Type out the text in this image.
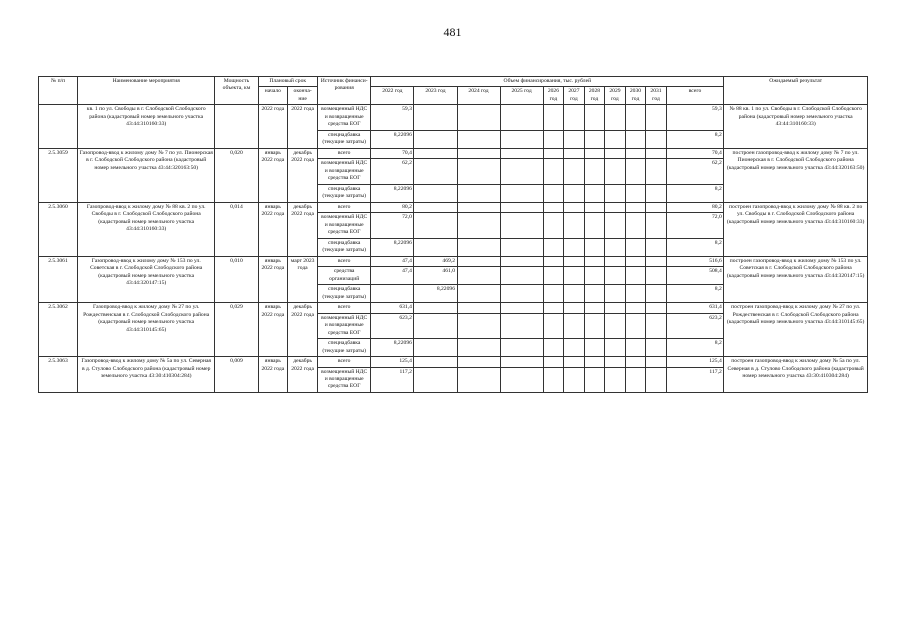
481
№ п/п	Наименование мероприятия	Мощность объекта, км	Плановый срок		Источник финанси-рования	Объем финансирования, тыс. рублей											Ожидаемый результат
			начало	оконча-ние		2022 год	2023 год	2024 год	2025 год	2026 год	2027 год	2028 год	2029 год	2030 год	2031 год	всего	
	кв. 1 по ул. Свободы в г. Слободской Слободского района (кадастровый номер земельного участка 43:44:310160:33)		2022 года	2022 года	возмещенный НДС и возвращенные средства ЕОГ	59,3										59,3	№ 88 кв. 1 по ул. Свободы в г. Слободской Слободского района (кадастровый номер земельного участка 43:44:310160:33)
					спецнадбавка (текущие затраты)	8,22096										8,2	
2.5.3059	Газопровод-ввод к жилому дому № 7 по ул. Пионерская в г. Слободской Слободского района (кадастровый номер земельного участка 43:44:320163:50)	0,020	январь 2022 года	декабрь 2022 года	всего	70,4										70,4	построен газопровод-ввод к жилому дому № 7 по ул. Пионерская в г. Слободской Слободского района (кадастровый номер земельного участка 43:44:320163:50)
					возмещенный НДС и возвращенные средства ЕОГ	62,2										62,2	
					спецнадбавка (текущие затраты)	8,22096										8,2	
2.5.3060	Газопровод-ввод к жилому дому № 88 кв. 2 по ул. Свободы в г. Слободской Слободского района (кадастровый номер земельного участка 43:44:310160:33)	0,014	январь 2022 года	декабрь 2022 года	всего	80,2										80,2	построен газопровод-ввод к жилому дому № 88 кв. 2 по ул. Свободы в г. Слободской Слободского района (кадастровый номер земельного участка 43:44:310160:33)
					возмещенный НДС и возвращенные средства ЕОГ	72,0										72,0	
					спецнадбавка (текущие затраты)	8,22096										8,2	
2.5.3061	Газопровод-ввод к жилому дому № 153 по ул. Советская в г. Слободской Слободского района (кадастровый номер земельного участка 43:44:320147:15)	0,010	январь 2022 года	март 2023 года	всего	47,4	469,2									516,6	построен газопровод-ввод к жилому дому № 153 по ул. Советская в г. Слободской Слободского района (кадастровый номер земельного участка 43:44:320147:15)
					средства организаций	47,4	461,0									508,4	
					спецнадбавка (текущие затраты)		8,22096									8,2	
2.5.3062	Газопровод-ввод к жилому дому № 27 по ул. Рождественская в г. Слободской Слободского района (кадастровый номер земельного участка 43:44:310145:65)	0,029	январь 2022 года	декабрь 2022 года	всего	631,4										631,4	построен газопровод-ввод к жилому дому № 27 по ул. Рождественская в г. Слободской Слободского района (кадастровый номер земельного участка 43:44:310145:65)
					возмещенный НДС и возвращенные средства ЕОГ	623,2										623,2	
					спецнадбавка (текущие затраты)	8,22096										8,2	
2.5.3063	Газопровод-ввод к жилому дому № 5а по ул. Северная в д. Стулово Слободского района (кадастровый номер земельного участка 43:30:410304:284)	0,009	январь 2022 года	декабрь 2022 года	всего	125,4										125,4	построен газопровод-ввод к жилому дому № 5а по ул. Северная в д. Стулово Слободского района (кадастровый номер земельного участка 43:30:410304:284)
					возмещенный НДС и возвращенные средства ЕОГ	117,2										117,2	
